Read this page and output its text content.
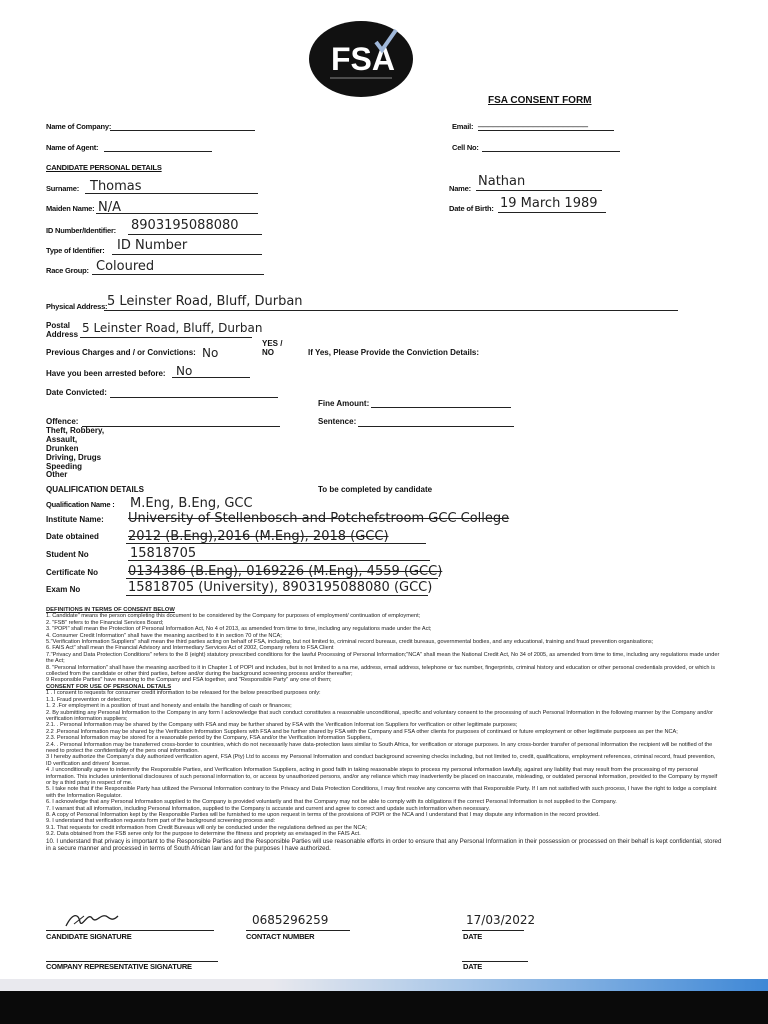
FSA
FSA CONSENT FORM
Name of Company:	Email: ______________________
Name of Agent:	Cell No:
CANDIDATE PERSONAL DETAILS
Surname: Thomas	Name: Nathan
Maiden Name: N/A	Date of Birth: 19 March 1989
ID Number/Identifier: 8903195088080
Type of Identifier: ID Number
Race Group: Coloured
Physical Address: 5 Leinster Road, Bluff, Durban
Postal
Address 5 Leinster Road, Bluff, Durban
YES /
NO
Previous Charges and / or Convictions: No	If Yes, Please Provide the Conviction Details:
Have you been arrested before: No
Date Convicted:
Fine Amount:
Offence:	Sentence:
Theft, Robbery,
Assault,
Drunken
Driving, Drugs
Speeding
Other
QUALIFICATION DETAILS	To be completed by candidate
Qualification Name : M.Eng, B.Eng, GCC
Institute Name: University of Stellenbosch and Potchefstroom GCC College
Date obtained 2012 (B.Eng),2016 (M.Eng), 2018 (GCC)
Student No	15818705
Certificate No 0134386 (B.Eng), 0169226 (M.Eng), 4559 (GCC)
Exam No	15818705 (University), 8903195088080 (GCC)

DEFINITIONS IN TERMS OF CONSENT BELOW

1. Candidate" means the person completing this document to be considered by the Company for purposes of employment/ continuation of employment;

2. "FSB" refers to the Financial Services Board;

3. "POPI" shall mean the Protection of Personal Information Act, No 4 of 2013, as amended from time to time, including any regulations made under the Act;

4. Consumer Credit Information" shall have the meaning ascribed to it in section 70 of the NCA;

5."Verification Information Suppliers" shall mean the third parties acting on behalf of FSA, including, but not limited to, criminal record bureaus, credit bureaus, governmental bodies, and any educational, training and fraud prevention organisations;

6. FAIS Act" shall mean the Financial Advisory and Intermediary Services Act of 2002, Company refers to FSA Client

7."Privacy and Data Protection Conditions" refers to the 8 (eight) statutory prescribed conditions for the lawful Processing of Personal Information;"NCA" shall mean the National Credit Act, No 34 of 2005, as amended from time to time, including any regulations made under the Act;

8. "Personal Information" shall have the meaning ascribed to it in Chapter 1 of POPI and includes, but is not limited to a na me, address, email address, telephone or fax number, fingerprints, criminal history and education or other personal credentials provided, or which is collected from the candidate or other third parties, before and/or during the background screening process and/or thereafter;

9 Responsible Parties" have meaning to the Company and FSA together, and "Responsible Party" any one of them;

CONSENT FOR USE OF PERSONAL DETAILS

1 . I consent to requests for consumer credit information to be released for the below prescribed purposes only:

1.1. Fraud prevention or detection;

1. 2 .For employment in a position of trust and honesty and entails the handling of cash or finances;

2. By submitting any Personal Information to the Company in any form I acknowledge that such conduct constitutes a reasonable unconditional, specific and voluntary consent to the processing of such Personal Information in the following manner by the Company and/or verification information suppliers;

2.1. . Personal Information may be shared by the Company with FSA and may be further shared by FSA with the Verification Informat ion Suppliers for verification or other legitimate purposes;

2.2 .Personal Information may be shared by the Verification Information Suppliers with FSA and be further shared by FSA with the Company and FSA other clients for purposes of continued or future employment or other legitimate purposes as per the NCA;

2.3. Personal Information may be stored for a reasonable period by the Company, FSA and/or the Verification Information Suppliers,

2.4. . Personal Information may be transferred cross-border to countries, which do not necessarily have data-protection laws similar to South Africa, for verification or storage purposes. In any cross-border transfer of personal information the recipient will be notified of the need to protect the confidentiality of the pers onal information.

3 I hereby authorize the Company's duly authorized verification agent, FSA (Pty) Ltd to access my Personal Information and conduct background screening checks including, but not limited to, credit, qualifications, employment references, criminal record, fraud prevention, ID verification and drivers' license.

4 .I unconditionally agree to indemnify the Responsible Parties, and Verification Information Suppliers, acting in good faith in taking reasonable steps to process my personal information lawfully, against any liability that may result from the processing of my personal information. This includes unintentional disclosures of such personal information to, or access by unauthorized persons, and/or any reliance which may inadvertently be placed on inaccurate, misleading, or outdated personal information, provided to the Company by myself or by a third party in respect of me.

5. I take note that if the Responsible Party has utilized the Personal Information contrary to the Privacy and Data Protection Conditions, I may first resolve any concerns with that Responsible Party. If I am not satisfied with such process, I have the right to lodge a complaint with the Information Regulator.

6. I acknowledge that any Personal Information supplied to the Company is provided voluntarily and that the Company may not be able to comply with its obligations if the correct Personal Information is not supplied to the Company.

7. I warrant that all information, including Personal Information, supplied to the Company is accurate and current and agree to correct and update such information when necessary.

8. A copy of Personal Information kept by the Responsible Parties will be furnished to me upon request in terms of the provisions of POPI or the NCA and I understand that I may dispute any information in the record provided.

9. I understand that verification requests form part of the background screening process and:

9.1. That requests for credit information from Credit Bureaus will only be conducted under the regulations defined as per the NCA;

9.2. Data obtained from the FSB serve only for the purpose to determine the fitness and propriety as envisaged in the FAIS Act.

10. I understand that privacy is important to the Responsible Parties and the Responsible Parties will use reasonable efforts in order to ensure that any Personal Information in their possession or processed on their behalf is kept confidential, stored in a secure manner and processed in terms of South African law and for the purposes I have authorized.

CANDIDATE SIGNATURE
0685296259
CONTACT NUMBER
17/03/2022
DATE
COMPANY REPRESENTATIVE SIGNATURE	DATE
